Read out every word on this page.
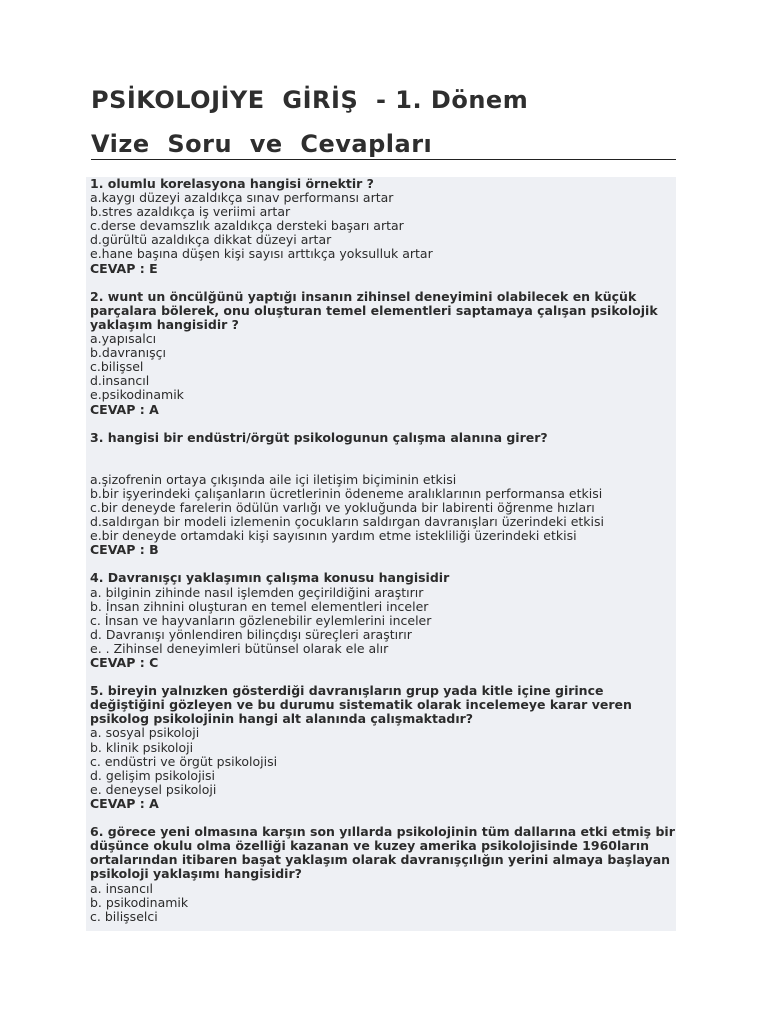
PSİKOLOJİYE  GİRİŞ  - 1. Dönem
Vize  Soru  ve  Cevapları
1. olumlu korelasyona hangisi örnektir ?
a.kaygı düzeyi azaldıkça sınav performansı artar
b.stres azaldıkça iş veriimi artar
c.derse devamszlık azaldıkça dersteki başarı artar
d.gürültü azaldıkça dikkat düzeyi artar
e.hane başına düşen kişi sayısı arttıkça yoksulluk artar
CEVAP : E
2. wunt un öncülğünü yaptığı insanın zihinsel deneyimini olabilecek en küçük parçalara bölerek, onu oluşturan temel elementleri saptamaya çalışan psikolojik yaklaşım hangisidir ?
a.yapısalcı
b.davranışçı
c.bilişsel
d.insancıl
e.psikodinamik
CEVAP : A
3. hangisi bir endüstri/örgüt psikologunun çalışma alanına girer?
a.şizofrenin ortaya çıkışında aile içi iletişim biçiminin etkisi
b.bir işyerindeki çalışanların ücretlerinin ödeneme aralıklarının performansa etkisi
c.bir deneyde farelerin ödülün varlığı ve yokluğunda bir labirenti öğrenme hızları
d.saldırgan bir modeli izlemenin çocukların saldırgan davranışları üzerindeki etkisi
e.bir deneyde ortamdaki kişi sayısının yardım etme istekliliği üzerindeki etkisi
CEVAP : B
4. Davranışçı yaklaşımın çalışma konusu hangisidir
a. bilginin zihinde nasıl işlemden geçirildiğini araştırır
b. İnsan zihnini oluşturan en temel elementleri inceler
c. İnsan ve hayvanların gözlenebilir eylemlerini inceler
d. Davranışı yönlendiren bilinçdışı süreçleri araştırır
e. . Zihinsel deneyimleri bütünsel olarak ele alır
CEVAP : C
5. bireyin yalnızken gösterdiği davranışların grup yada kitle içine girince değiştiğini gözleyen ve bu durumu sistematik olarak incelemeye karar veren psikolog psikolojinin hangi alt alanında çalışmaktadır?
a. sosyal psikoloji
b. klinik psikoloji
c. endüstri ve örgüt psikolojisi
d. gelişim psikolojisi
e. deneysel psikoloji
CEVAP : A
6. görece yeni olmasına karşın son yıllarda psikolojinin tüm dallarına etki etmiş bir düşünce okulu olma özelliği kazanan ve kuzey amerika psikolojisinde 1960ların ortalarından itibaren başat yaklaşım olarak davranışçılığın yerini almaya başlayan psikoloji yaklaşımı hangisidir?
a. insancıl
b. psikodinamik
c. bilişselci
